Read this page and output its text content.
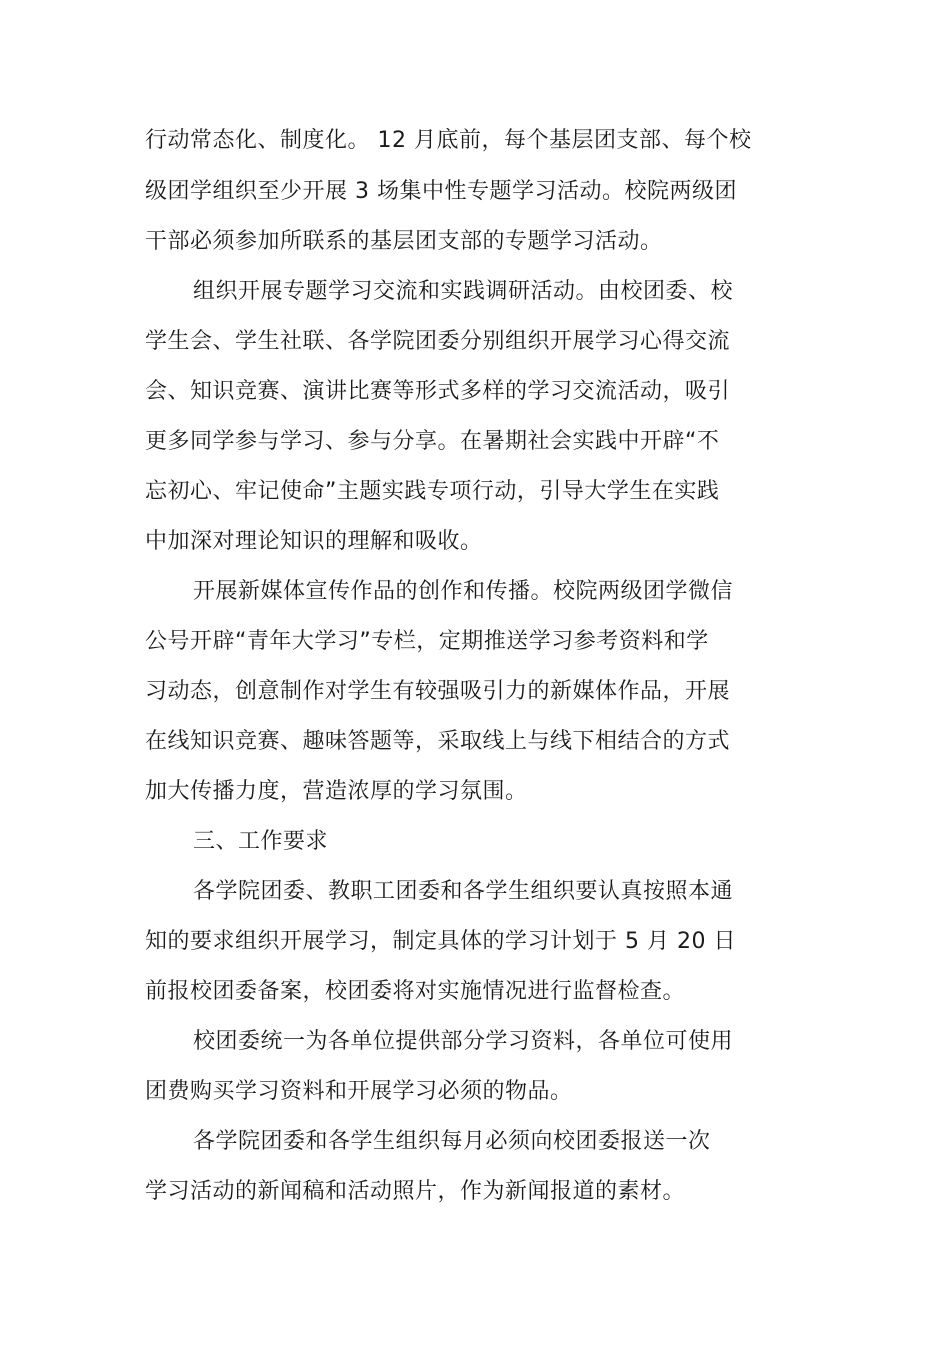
行动常态化、制度化。 12 月底前，每个基层团支部、每个校
级团学组织至少开展 3 场集中性专题学习活动。校院两级团
干部必须参加所联系的基层团支部的专题学习活动。
组织开展专题学习交流和实践调研活动。由校团委、校
学生会、学生社联、各学院团委分别组织开展学习心得交流
会、知识竞赛、演讲比赛等形式多样的学习交流活动，吸引
更多同学参与学习、参与分享。在暑期社会实践中开辟“不
忘初心、牢记使命”主题实践专项行动，引导大学生在实践
中加深对理论知识的理解和吸收。
开展新媒体宣传作品的创作和传播。校院两级团学微信
公号开辟“青年大学习”专栏，定期推送学习参考资料和学
习动态，创意制作对学生有较强吸引力的新媒体作品，开展
在线知识竞赛、趣味答题等，采取线上与线下相结合的方式
加大传播力度，营造浓厚的学习氛围。
三、工作要求
各学院团委、教职工团委和各学生组织要认真按照本通
知的要求组织开展学习，制定具体的学习计划于 5 月 20 日
前报校团委备案，校团委将对实施情况进行监督检查。
校团委统一为各单位提供部分学习资料，各单位可使用
团费购买学习资料和开展学习必须的物品。
各学院团委和各学生组织每月必须向校团委报送一次
学习活动的新闻稿和活动照片，作为新闻报道的素材。
